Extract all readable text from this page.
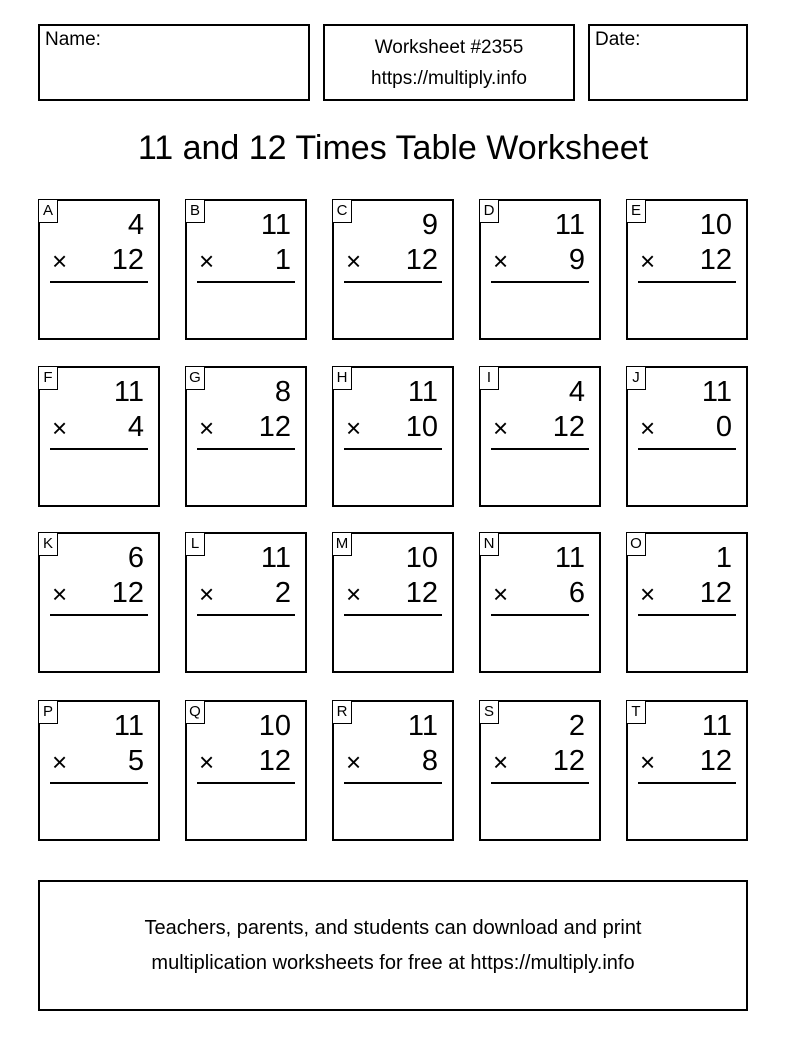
Name:	Worksheet #2355
https://multiply.info
Date:
11 and 12 Times Table Worksheet
A	4
× 12
B 11
× 1
C	9
× 12
D 11
× 9
E 10
× 12
F 11
× 4
G	8
× 12
H 11
× 10
I	4
× 12
J 11
× 0
K	6
× 12
L 11
× 2
M 10
× 12
N 11
× 6
O	1
× 12
P 11
× 5
Q 10
× 12
R 11
× 8
S	2
× 12
T 11
× 12
Teachers, parents, and students can download and print
multiplication worksheets for free at https://multiply.info
